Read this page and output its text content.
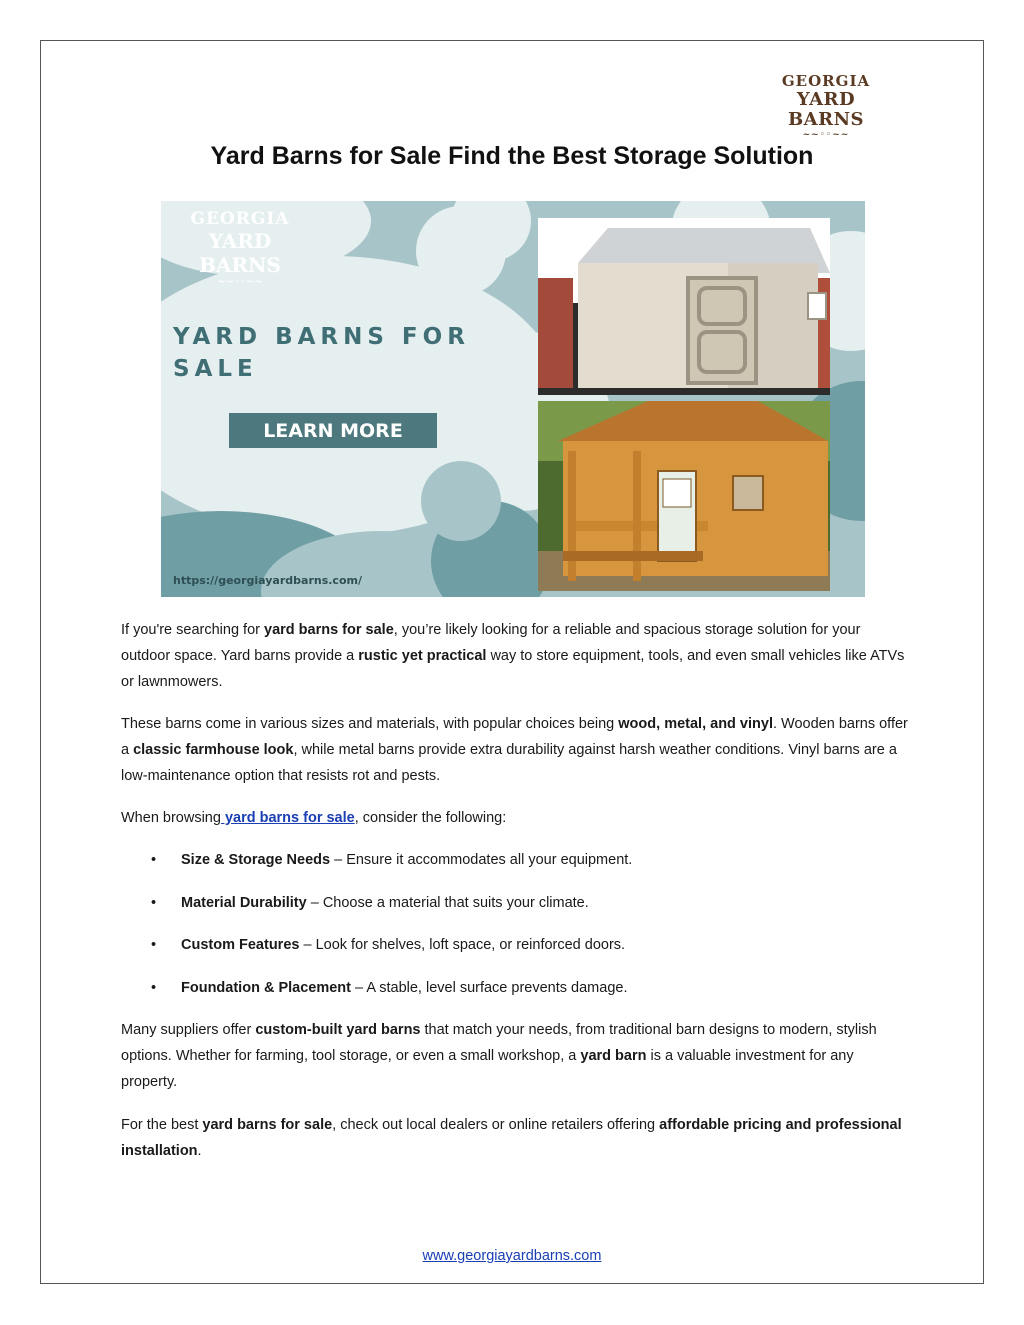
GEORGIA
YARD BARNS
~~◦◦~~
Yard Barns for Sale Find the Best Storage Solution
GEORGIA
YARD BARNS
~~◦◦~~
YARD BARNS FOR SALE
LEARN MORE
https://georgiayardbarns.com/

If you're searching for yard barns for sale, you’re likely looking for a reliable and spacious storage solution for your outdoor space. Yard barns provide a rustic yet practical way to store equipment, tools, and even small vehicles like ATVs or lawnmowers.

These barns come in various sizes and materials, with popular choices being wood, metal, and vinyl. Wooden barns offer a classic farmhouse look, while metal barns provide extra durability against harsh weather conditions. Vinyl barns are a low-maintenance option that resists rot and pests.

When browsing yard barns for sale, consider the following:

• Size & Storage Needs – Ensure it accommodates all your equipment.
• Material Durability – Choose a material that suits your climate.
• Custom Features – Look for shelves, loft space, or reinforced doors.
• Foundation & Placement – A stable, level surface prevents damage.

Many suppliers offer custom-built yard barns that match your needs, from traditional barn designs to modern, stylish options. Whether for farming, tool storage, or even a small workshop, a yard barn is a valuable investment for any property.

For the best yard barns for sale, check out local dealers or online retailers offering affordable pricing and professional installation.

www.georgiayardbarns.com
